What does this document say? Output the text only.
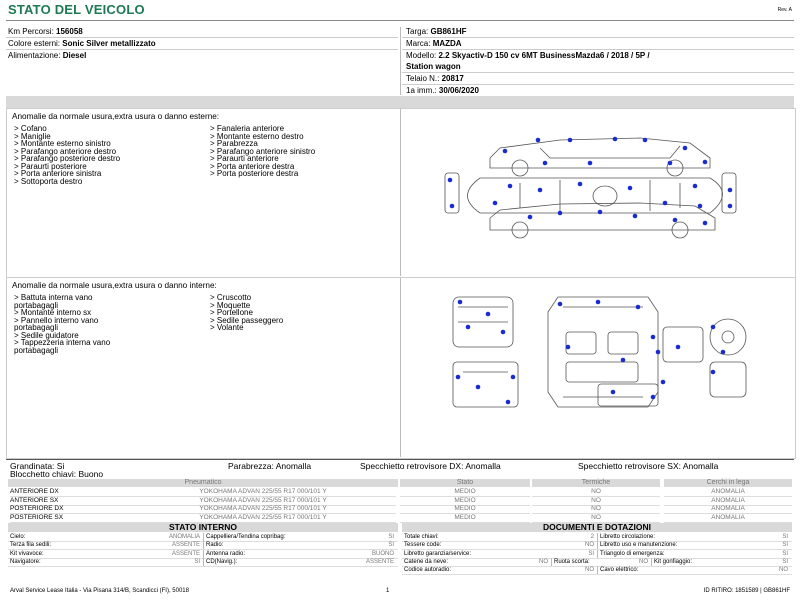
STATO DEL VEICOLO	Rev. A
Km Percorsi: 156058
Colore esterni: Sonic Silver metallizzato
Alimentazione: Diesel
Targa: GB861HF
Marca: MAZDA
Modello: 2.2 Skyactiv-D 150 cv 6MT BusinessMazda6 / 2018 / 5P /
Station wagon
Telaio N.: 20817
1a imm.: 30/06/2020
Anomalie da normale usura,extra usura o danno esterne:
> Cofano
> Maniglie
> Montante esterno sinistro
> Parafango anteriore destro
> Parafango posteriore destro
> Paraurti posteriore
> Porta anteriore sinistra
> Sottoporta destro
> Fanaleria anteriore
> Montante esterno destro
> Parabrezza
> Parafango anteriore sinistro
> Paraurti anteriore
> Porta anteriore destra
> Porta posteriore destra
Anomalie da normale usura,extra usura o danno interne:
> Battuta interna vano
portabagagli
> Montante interno sx
> Pannello interno vano
portabagagli
> Sedile guidatore
> Tappezzeria interna vano
portabagagli
> Cruscotto
> Moquette
> Portellone
> Sedile passeggero
> Volante
Grandinata: Si
Blocchetto chiavi: Buono
Parabrezza: Anomalla	Specchietto retrovisore DX: Anomalla	Specchietto retrovisore SX: Anomalla
Pneumatico	Stato	Termiche	Cerchi in lega
ANTERIORE DX	YOKOHAMA ADVAN 225/55 R17 000/101 Y	MEDIO	NO	ANOMALIA
ANTERIORE SX	YOKOHAMA ADVAN 225/55 R17 000/101 Y	MEDIO	NO	ANOMALIA
POSTERIORE DX	YOKOHAMA ADVAN 225/55 R17 000/101 Y	MEDIO	NO	ANOMALIA
POSTERIORE SX	YOKOHAMA ADVAN 225/55 R17 000/101 Y	MEDIO	NO	ANOMALIA
STATO INTERNO
Cielo:	ANOMALIA Cappelliera/Tendina copribag:	SI
Terza fila sedili:	ASSENTE Radio:	SI
Kit vivavoce:	ASSENTE Antenna radio:	BUONO
Navigatore:	SI CD(Navig.):	ASSENTE
DOCUMENTI E DOTAZIONI
Totale chiavi:	2 Libretto circolazione:	SI
Tessere code:	NO Libretto uso e manutenzione:	SI
Libretto garanzia/service:	SI Triangolo di emergenza:	SI
Catene da neve:	NO Ruota scorta:	NO Kit gonfiaggio:	SI
Codice autoradio:	NO Cavo elettrico:	NO
Arval Service Lease Italia - Via Pisana 314/B, Scandicci (FI), 50018	1	ID RITIRO: 1851589 | GB861HF
